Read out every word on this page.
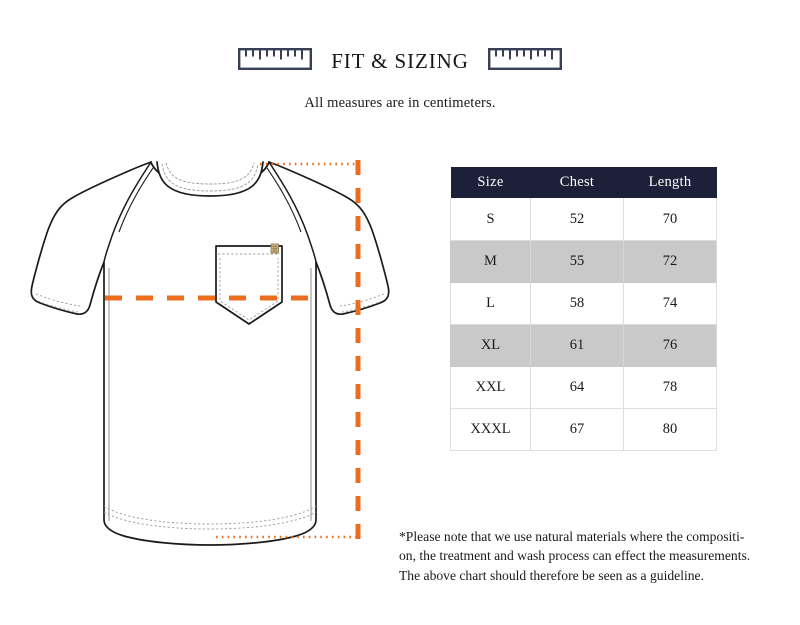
FIT & SIZING
All measures are in centimeters.
Size	Chest	Length
S	52	70
M	55	72
L	58	74
XL	61	76
XXL	64	78
XXXL	67	80
*Please note that we use natural materials where the compositi-
on, the treatment and wash process can effect the measurements.
The above chart should therefore be seen as a guideline.
